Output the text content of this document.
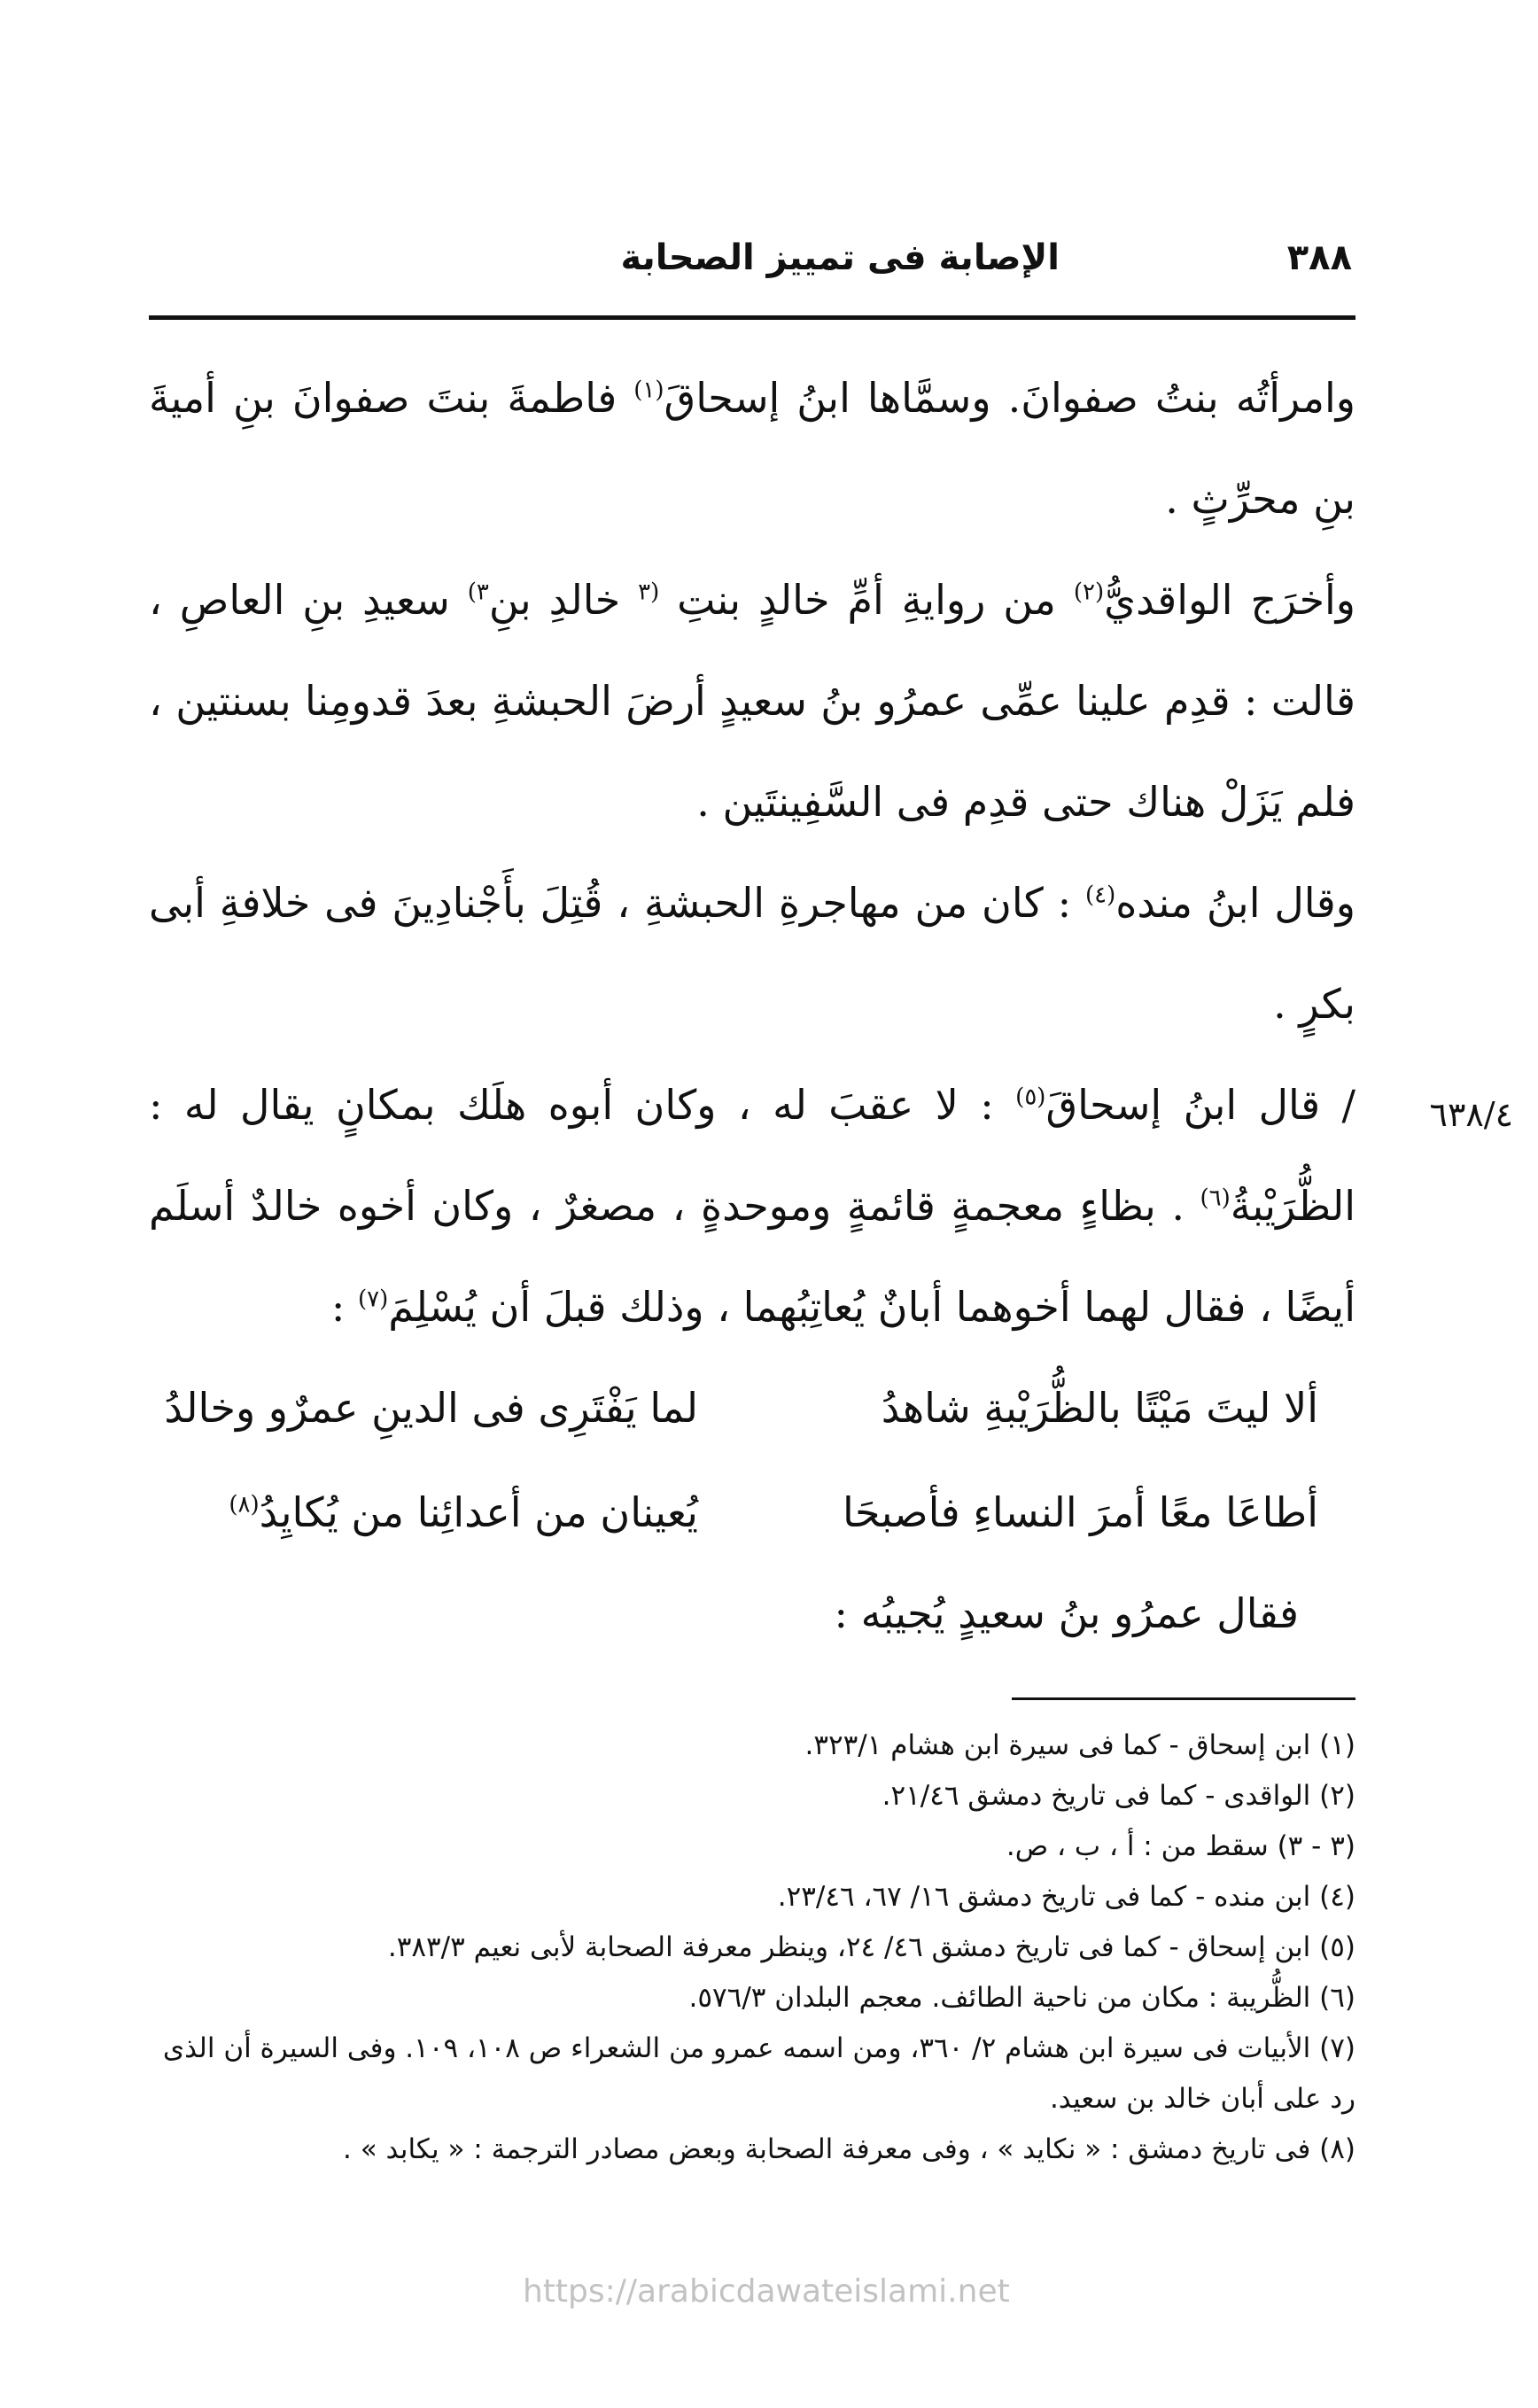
٣٨٨
الإصابة فى تمييز الصحابة

وامرأتُه بنتُ صفوانَ. وسمَّاها ابنُ إسحاقَ$^{(١)}$ فاطمةَ بنتَ صفوانَ بنِ أميةَ بنِ محرِّثٍ .

وأخرَج الواقديُّ$^{(٢)}$ من روايةِ أمِّ خالدٍ بنتِ $^{(٣}$ خالدِ بنِ$^{٣)}$ سعيدِ بنِ العاصِ ، قالت : قدِم علينا عمِّى عمرُو بنُ سعيدٍ أرضَ الحبشةِ بعدَ قدومِنا بسنتين ، فلم يَزَلْ هناك حتى قدِم فى السَّفِينتَين .

وقال ابنُ منده$^{(٤)}$ : كان من مهاجرةِ الحبشةِ ، قُتِلَ بأَجْنادِينَ فى خلافةِ أبى بكرٍ .

/ قال ابنُ إسحاقَ$^{(٥)}$ : لا عقبَ له ، وكان أبوه هلَك بمكانٍ يقال له : الظُّرَيْبةُ$^{(٦)}$ . بظاءٍ معجمةٍ قائمةٍ وموحدةٍ ، مصغرٌ ، وكان أخوه خالدٌ أسلَم أيضًا ، فقال لهما أخوهما أبانٌ يُعاتِبُهما ، وذلك قبلَ أن يُسْلِمَ$^{(٧)}$ :

٦٣٨/٤
ألا ليتَ مَيْتًا بالظُّرَيْبةِ شاهدُ
لما يَفْتَرِى فى الدينِ عمرٌو وخالدُ
أطاعَا معًا أمرَ النساءِ فأصبحَا
يُعينان من أعدائِنا من يُكايِدُ$^{(٨)}$
فقال عمرُو بنُ سعيدٍ يُجيبُه :

(١) ابن إسحاق - كما فى سيرة ابن هشام ٣٢٣/١.

(٢) الواقدى - كما فى تاريخ دمشق ٢١/٤٦.

(٣ - ٣) سقط من : أ ، ب ، ص.

(٤) ابن منده - كما فى تاريخ دمشق ١٦/ ٦٧، ٢٣/٤٦.

(٥) ابن إسحاق - كما فى تاريخ دمشق ٤٦/ ٢٤، وينظر معرفة الصحابة لأبى نعيم ٣٨٣/٣.

(٦) الظُّريبة : مكان من ناحية الطائف. معجم البلدان ٥٧٦/٣.

(٧) الأبيات فى سيرة ابن هشام ٢/ ٣٦٠، ومن اسمه عمرو من الشعراء ص ١٠٨، ١٠٩. وفى السيرة أن الذى رد على أبان خالد بن سعيد.

(٨) فى تاريخ دمشق : « نكايد » ، وفى معرفة الصحابة وبعض مصادر الترجمة : « يكابد » .

https://arabicdawateislami.net
